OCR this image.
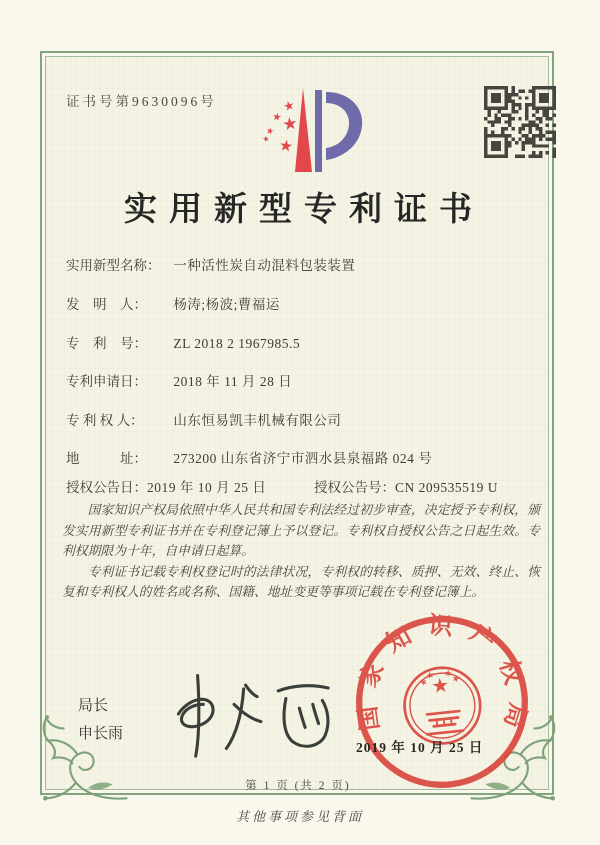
证书号第9630096号
实用新型专利证书
实用新型名称： 一种活性炭自动混料包装装置
发　明　人： 杨涛;杨波;曹福运
专　利　号： ZL 2018 2 1967985.5
专利申请日： 2018 年 11 月 28 日
专 利 权 人： 山东恒易凯丰机械有限公司
地　　　址： 273200 山东省济宁市泗水县泉福路 024 号
授权公告日：2019 年 10 月 25 日	授权公告号：CN 209535519 U

国家知识产权局依照中华人民共和国专利法经过初步审查，决定授予专利权，颁发实用新型专利证书并在专利登记簿上予以登记。专利权自授权公告之日起生效。专利权期限为十年，自申请日起算。

专利证书记载专利权登记时的法律状况，专利权的转移、质押、无效、终止、恢复和专利权人的姓名或名称、国籍、地址变更等事项记载在专利登记簿上。

局长
申长雨
国家知识产权局
2019 年 10 月 25 日
第 1 页 (共 2 页)
其他事项参见背面
